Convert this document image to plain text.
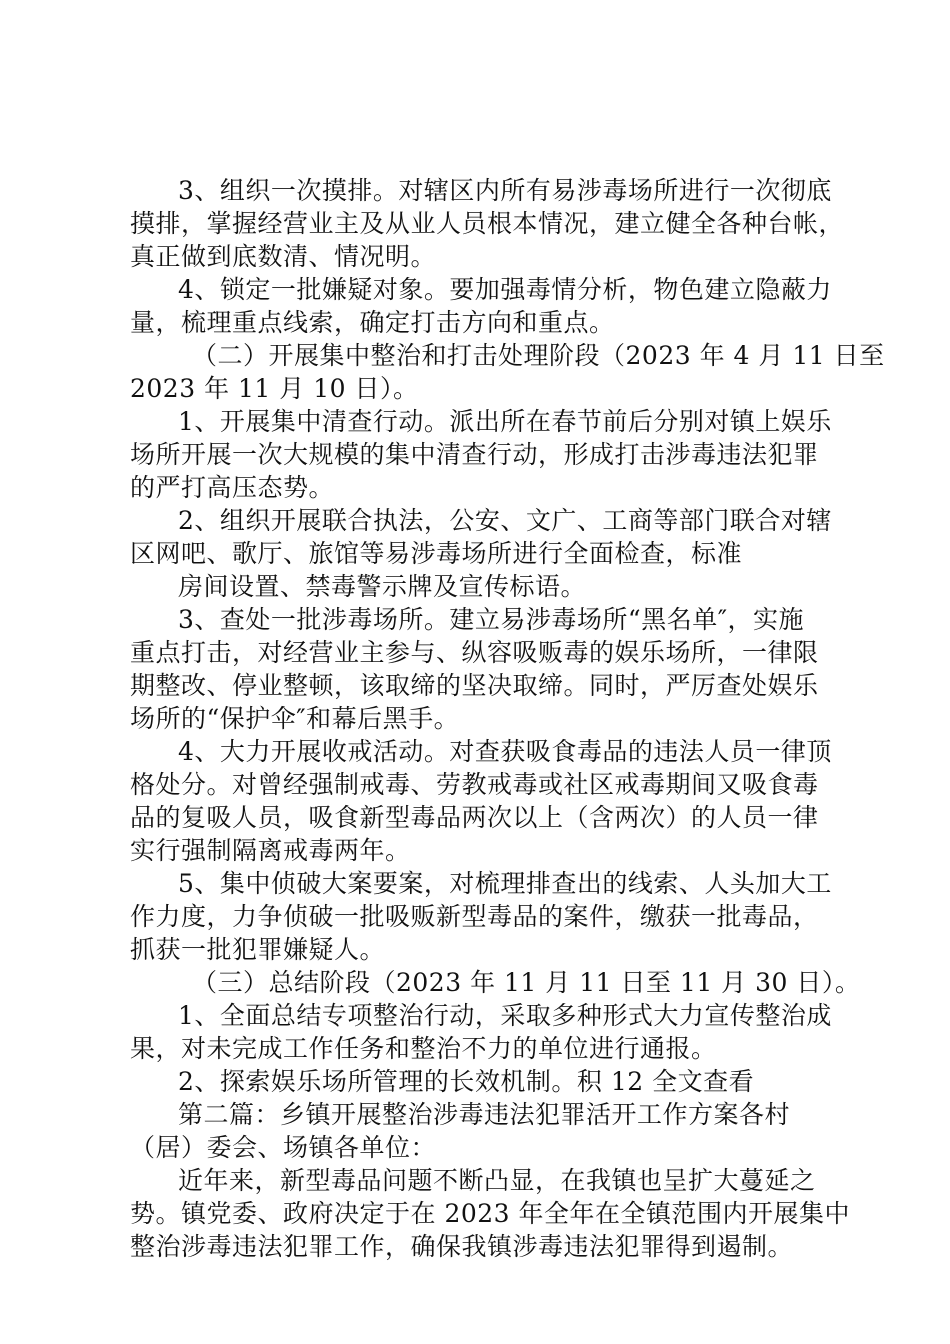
3、组织一次摸排。对辖区内所有易涉毒场所进行一次彻底
摸排，掌握经营业主及从业人员根本情况，建立健全各种台帐，
真正做到底数清、情况明。
4、锁定一批嫌疑对象。要加强毒情分析，物色建立隐蔽力
量，梳理重点线索，确定打击方向和重点。
（二）开展集中整治和打击处理阶段（2023 年 4 月 11 日至
2023 年 11 月 10 日）。
1、开展集中清查行动。派出所在春节前后分别对镇上娱乐
场所开展一次大规模的集中清查行动，形成打击涉毒违法犯罪
的严打高压态势。
2、组织开展联合执法，公安、文广、工商等部门联合对辖
区网吧、歌厅、旅馆等易涉毒场所进行全面检查，标准
房间设置、禁毒警示牌及宣传标语。
3、查处一批涉毒场所。建立易涉毒场所“黑名单″，实施
重点打击，对经营业主参与、纵容吸贩毒的娱乐场所，一律限
期整改、停业整顿，该取缔的坚决取缔。同时，严厉查处娱乐
场所的“保护伞″和幕后黑手。
4、大力开展收戒活动。对查获吸食毒品的违法人员一律顶
格处分。对曾经强制戒毒、劳教戒毒或社区戒毒期间又吸食毒
品的复吸人员，吸食新型毒品两次以上（含两次）的人员一律
实行强制隔离戒毒两年。
5、集中侦破大案要案，对梳理排查出的线索、人头加大工
作力度，力争侦破一批吸贩新型毒品的案件，缴获一批毒品，
抓获一批犯罪嫌疑人。
（三）总结阶段（2023 年 11 月 11 日至 11 月 30 日）。
1、全面总结专项整治行动，采取多种形式大力宣传整治成
果，对未完成工作任务和整治不力的单位进行通报。
2、探索娱乐场所管理的长效机制。积 12 全文查看
第二篇：乡镇开展整治涉毒违法犯罪活开工作方案各村
（居）委会、场镇各单位：
近年来，新型毒品问题不断凸显，在我镇也呈扩大蔓延之
势。镇党委、政府决定于在 2023 年全年在全镇范围内开展集中
整治涉毒违法犯罪工作，确保我镇涉毒违法犯罪得到遏制。
